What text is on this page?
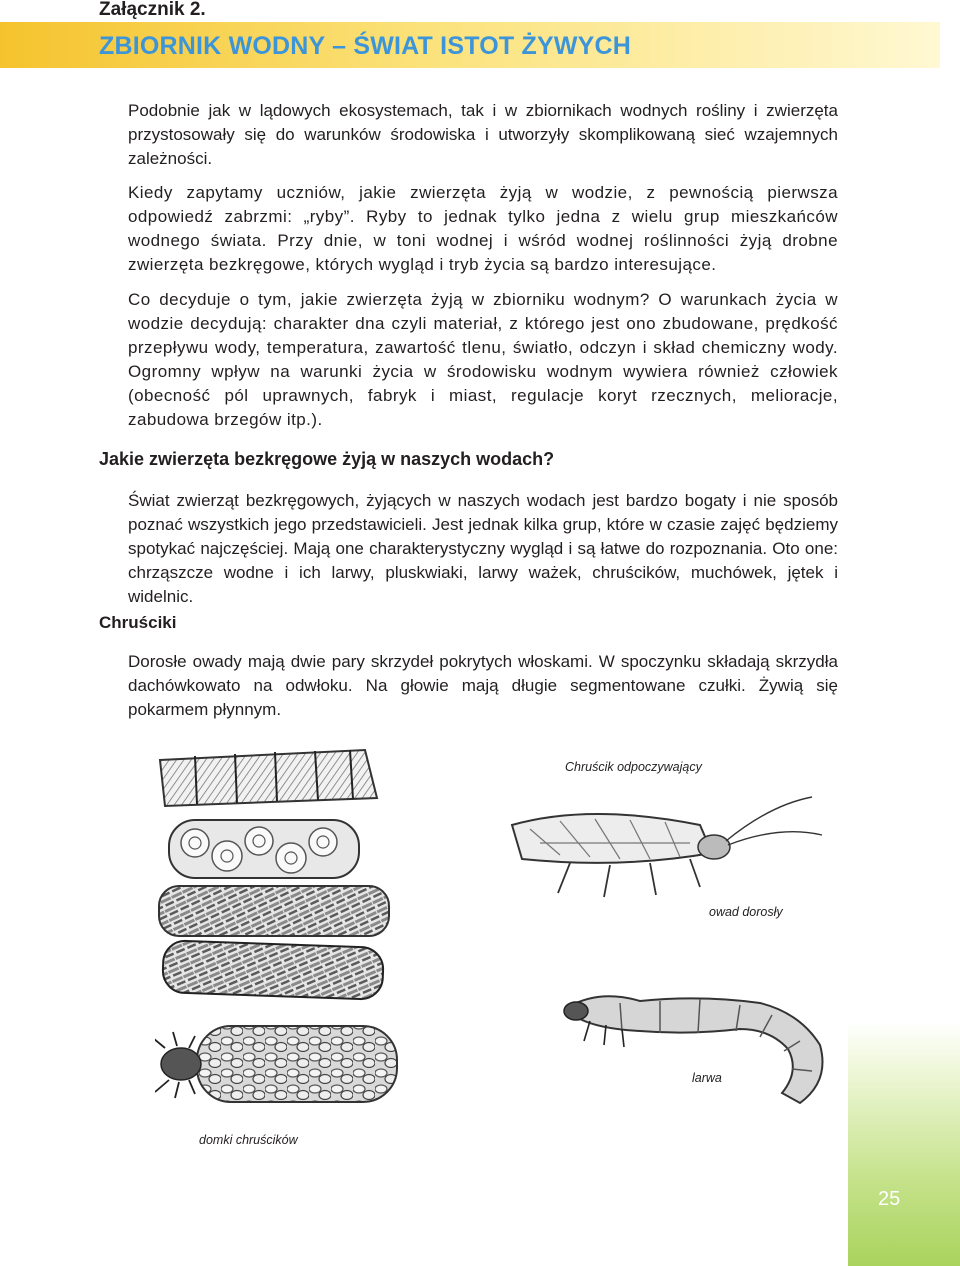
Załącznik 2.

ZBIORNIK WODNY – ŚWIAT ISTOT ŻYWYCH

Podobnie jak w lądowych ekosystemach, tak i w zbiornikach wodnych rośliny i zwierzęta przystosowały się do warunków środowiska i utworzyły skomplikowaną sieć wzajemnych zależności.

Kiedy zapytamy uczniów, jakie zwierzęta żyją w wodzie, z pewnością pierwsza odpowiedź zabrzmi: „ryby”. Ryby to jednak tylko jedna z wielu grup mieszkańców wodnego świata. Przy dnie, w toni wodnej i wśród wodnej roślinności żyją drobne zwierzęta bezkręgowe, których wygląd i tryb życia są bardzo interesujące.

Co decyduje o tym, jakie zwierzęta żyją w zbiorniku wodnym? O warunkach życia w wodzie decydują: charakter dna czyli materiał, z którego jest ono zbudowane, prędkość przepływu wody, temperatura, zawartość tlenu, światło, odczyn i skład chemiczny wody. Ogromny wpływ na warunki życia w środowisku wodnym wywiera również człowiek (obecność pól uprawnych, fabryk i miast, regulacje koryt rzecznych, melioracje, zabudowa brzegów itp.).

Jakie zwierzęta bezkręgowe żyją w naszych wodach?

Świat zwierząt bezkręgowych, żyjących w naszych wodach jest bardzo bogaty i nie sposób poznać wszystkich jego przedstawicieli. Jest jednak kilka grup, które w czasie zajęć będziemy spotykać najczęściej. Mają one charakterystyczny wygląd i są łatwe do rozpoznania. Oto one: chrząszcze wodne i ich larwy, pluskwiaki, larwy ważek, chruścików, muchówek, jętek i widelnic.

Chruściki

Dorosłe owady mają dwie pary skrzydeł pokrytych włoskami. W spoczynku składają skrzydła dachówkowato na odwłoku. Na głowie mają długie segmentowane czułki. Żywią się pokarmem płynnym.

domki chruścików

Chruścik odpoczywający

owad dorosły

larwa

25
